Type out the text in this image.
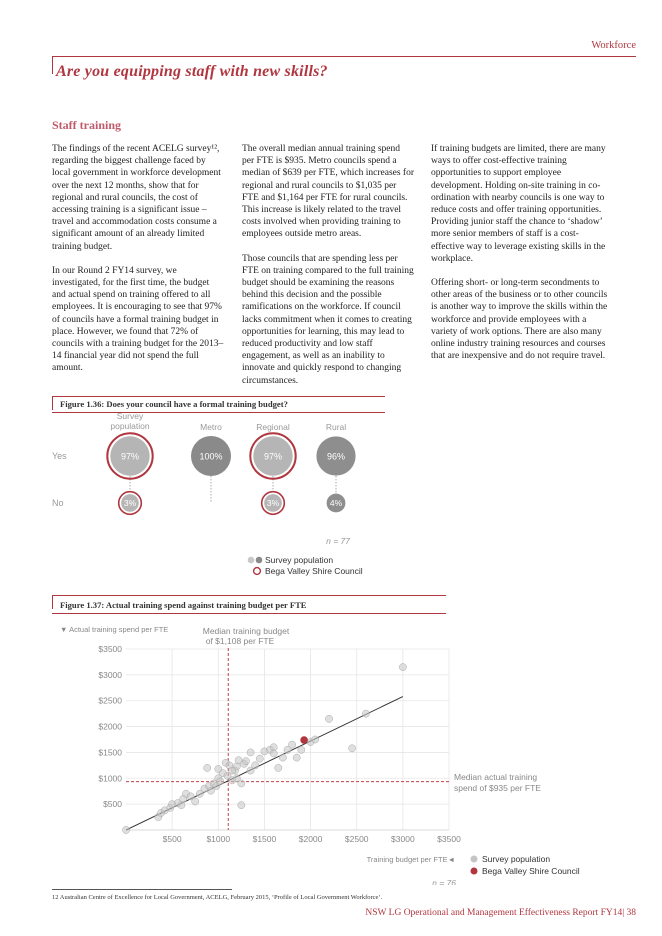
Workforce
Are you equipping staff with new skills?
Staff training

The findings of the recent ACELG survey¹², regarding the biggest challenge faced by local government in workforce development over the next 12 months, show that for regional and rural councils, the cost of accessing training is a significant issue – travel and accommodation costs consume a significant amount of an already limited training budget.

In our Round 2 FY14 survey, we investigated, for the first time, the budget and actual spend on training offered to all employees. It is encouraging to see that 97% of councils have a formal training budget in place. However, we found that 72% of councils with a training budget for the 2013–14 financial year did not spend the full amount.

The overall median annual training spend per FTE is $935. Metro councils spend a median of $639 per FTE, which increases for regional and rural councils to $1,035 per FTE and $1,164 per FTE for rural councils. This increase is likely related to the travel costs involved when providing training to employees outside metro areas.

Those councils that are spending less per FTE on training compared to the full training budget should be examining the reasons behind this decision and the possible ramifications on the workforce. If council lacks commitment when it comes to creating opportunities for learning, this may lead to reduced productivity and low staff engagement, as well as an inability to innovate and quickly respond to changing circumstances.

If training budgets are limited, there are many ways to offer cost-effective training opportunities to support employee development. Holding on-site training in co-ordination with nearby councils is one way to reduce costs and offer training opportunities. Providing junior staff the chance to ‘shadow’ more senior members of staff is a cost-effective way to leverage existing skills in the workplace.

Offering short- or long-term secondments to other areas of the business or to other councils is another way to improve the skills within the workforce and provide employees with a variety of work options. There are also many online industry training resources and courses that are inexpensive and do not require travel.

Figure 1.36: Does your council have a formal training budget?
Survey
population
97%
3%
Metro
100%
Regional
97%
3%
Rural
96%
4%
Yes
No
n = 77
Survey population
Bega Valley Shire Council
Figure 1.37: Actual training spend against training budget per FTE
▼ Actual training spend per FTE	Median training budget
of $1,108 per FTE
Median actual training
spend of $935 per FTE
$500
$1000
$1500
$2000
$2500
$3000
$3500
$500	$1000	$1500	$2000	$2500	$3000	$3500
Training budget per FTE◄	Survey population
Bega Valley Shire Council
n = 76
12 Australian Centre of Excellence for Local Government, ACELG, February 2015, ‘Profile of Local Government Workforce’.
NSW LG Operational and Management Effectiveness Report FY14| 38
